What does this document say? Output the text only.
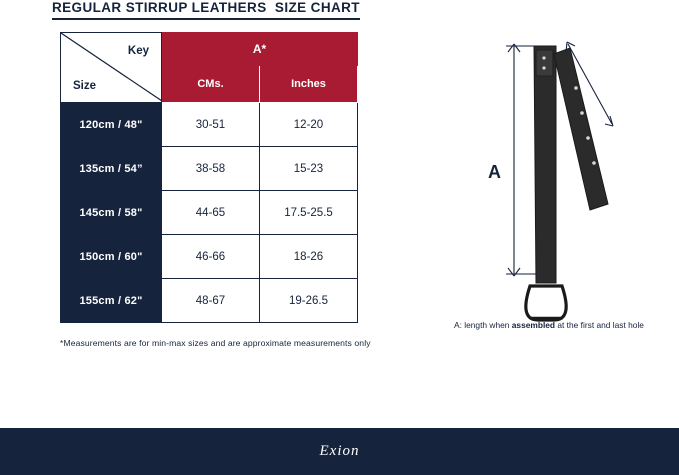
REGULAR STIRRUP LEATHERS  SIZE CHART
Key
Size	A*	
	CMs.	Inches
120cm / 48"	30-51	12-20
135cm / 54”	38-58	15-23
145cm / 58"	44-65	17.5-25.5
150cm / 60"	46-66	18-26
155cm / 62"	48-67	19-26.5
*Measurements are for min-max sizes and are approximate measurements only
A
A: length when assembled at the first and last hole
Exion
